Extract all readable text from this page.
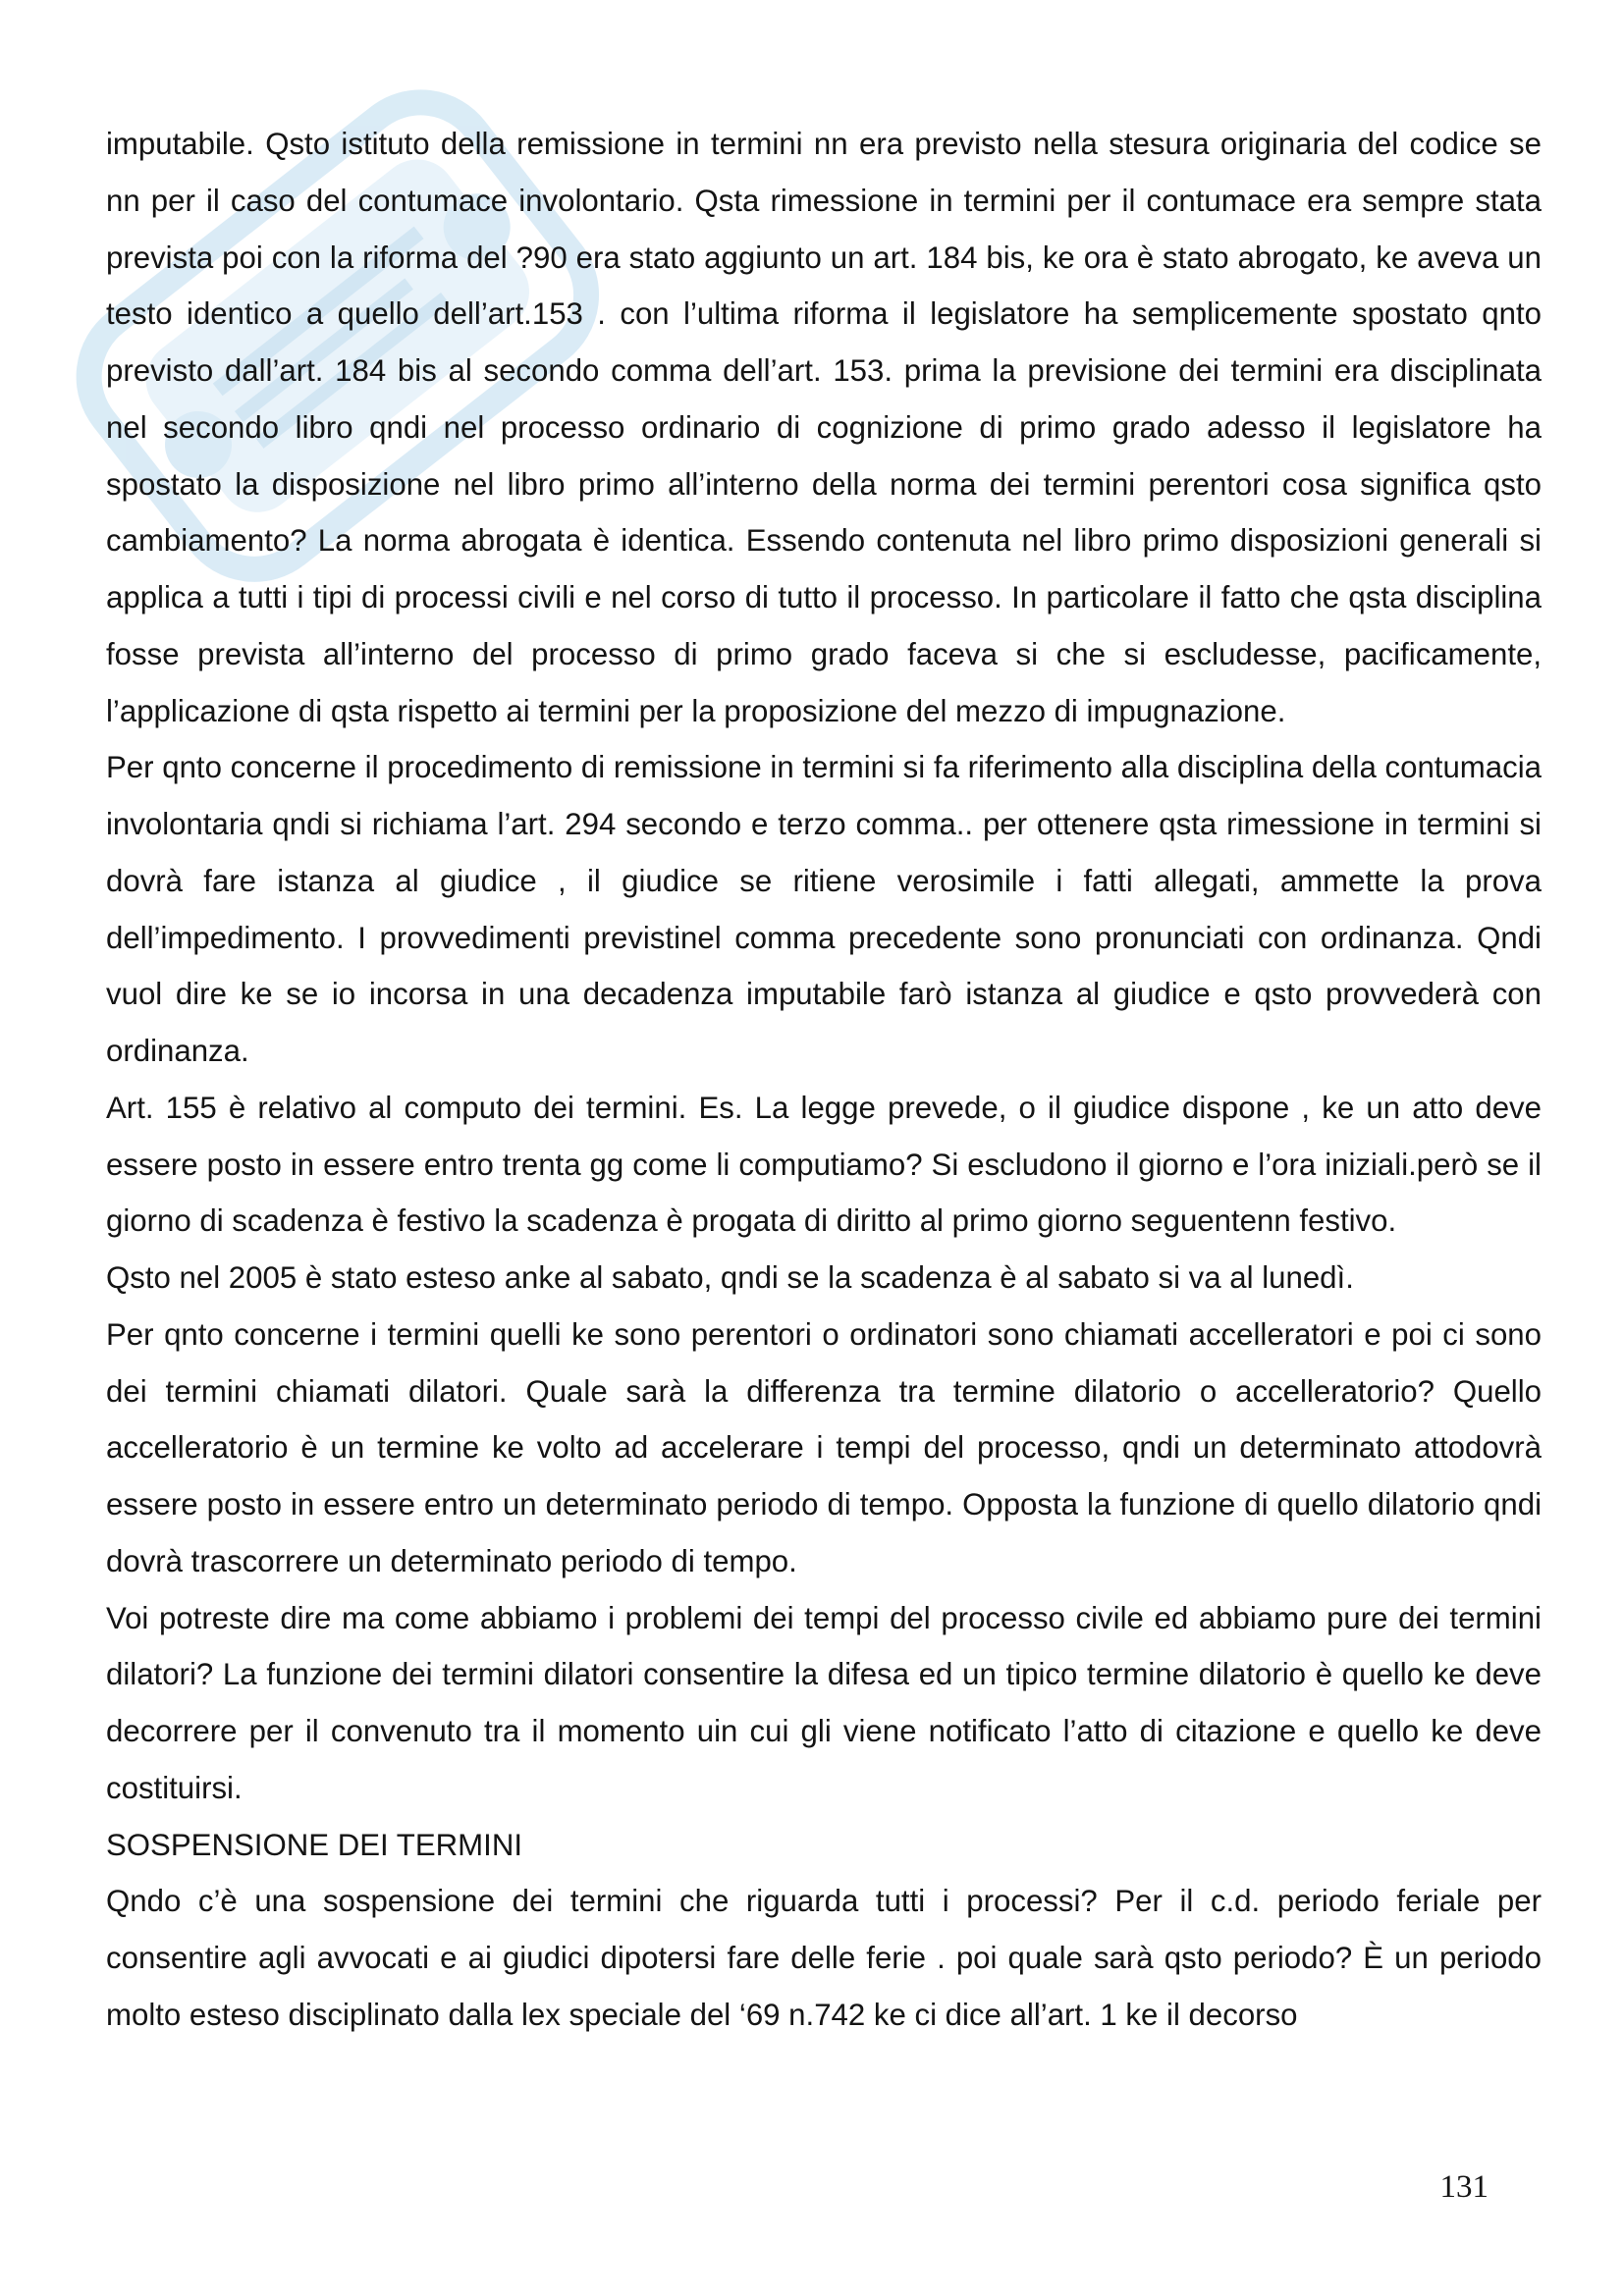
imputabile. Qsto istituto della remissione in termini nn era previsto nella stesura originaria del codice se nn per il caso del contumace involontario. Qsta rimessione in termini per il contumace era sempre stata prevista poi con la riforma del ?90 era stato aggiunto un art. 184 bis, ke ora è stato abrogato, ke aveva un testo identico a quello dell’art.153 . con l’ultima riforma il legislatore ha semplicemente spostato qnto previsto dall’art. 184 bis al secondo comma dell’art. 153. prima la previsione dei termini era disciplinata nel secondo libro qndi nel processo ordinario di cognizione di primo grado adesso il legislatore ha spostato la disposizione nel libro primo all’interno della norma dei termini perentori cosa significa qsto cambiamento? La norma abrogata è identica. Essendo contenuta nel libro primo disposizioni generali si applica a tutti i tipi di processi civili e nel corso di tutto il processo. In particolare il fatto che qsta disciplina fosse prevista all’interno del processo di primo grado faceva si che si escludesse, pacificamente, l’applicazione di qsta rispetto ai termini per la proposizione del mezzo di impugnazione.

Per qnto concerne il procedimento di remissione in termini si fa riferimento alla disciplina della contumacia involontaria qndi si richiama l’art. 294 secondo e terzo comma.. per ottenere qsta rimessione in termini si dovrà fare istanza al giudice , il giudice se ritiene verosimile i fatti allegati, ammette la prova dell’impedimento. I provvedimenti previstinel comma precedente sono pronunciati con ordinanza. Qndi vuol dire ke se io incorsa in una decadenza imputabile farò istanza al giudice e qsto provvederà con ordinanza.

Art. 155 è relativo al computo dei termini. Es. La legge prevede, o il giudice dispone , ke un atto deve essere posto in essere entro trenta gg come li computiamo? Si escludono il giorno e l’ora iniziali.però se il giorno di scadenza è festivo la scadenza è progata di diritto al primo giorno seguentenn festivo.

Qsto nel 2005 è stato esteso anke al sabato, qndi se la scadenza è al sabato si va al lunedì.

Per qnto concerne i termini quelli ke sono perentori o ordinatori sono chiamati accelleratori e poi ci sono dei termini chiamati dilatori. Quale sarà la differenza tra termine dilatorio o accelleratorio? Quello accelleratorio è un termine ke volto ad accelerare i tempi del processo, qndi un determinato attodovrà essere posto in essere entro un determinato periodo di tempo. Opposta la funzione di quello dilatorio qndi dovrà trascorrere un determinato periodo di tempo.

Voi potreste dire ma come abbiamo i problemi dei tempi del processo civile ed abbiamo pure dei termini dilatori? La funzione dei termini dilatori consentire la difesa ed un tipico termine dilatorio è quello ke deve decorrere per il convenuto tra il momento uin cui gli viene notificato l’atto di citazione e quello ke deve costituirsi.

SOSPENSIONE DEI TERMINI

Qndo c’è una sospensione dei termini che riguarda tutti i processi? Per il c.d. periodo feriale per consentire agli avvocati e ai giudici dipotersi fare delle ferie . poi quale sarà qsto periodo? È un periodo molto esteso disciplinato dalla lex speciale del ‘69 n.742 ke ci dice all’art. 1 ke il decorso

131
